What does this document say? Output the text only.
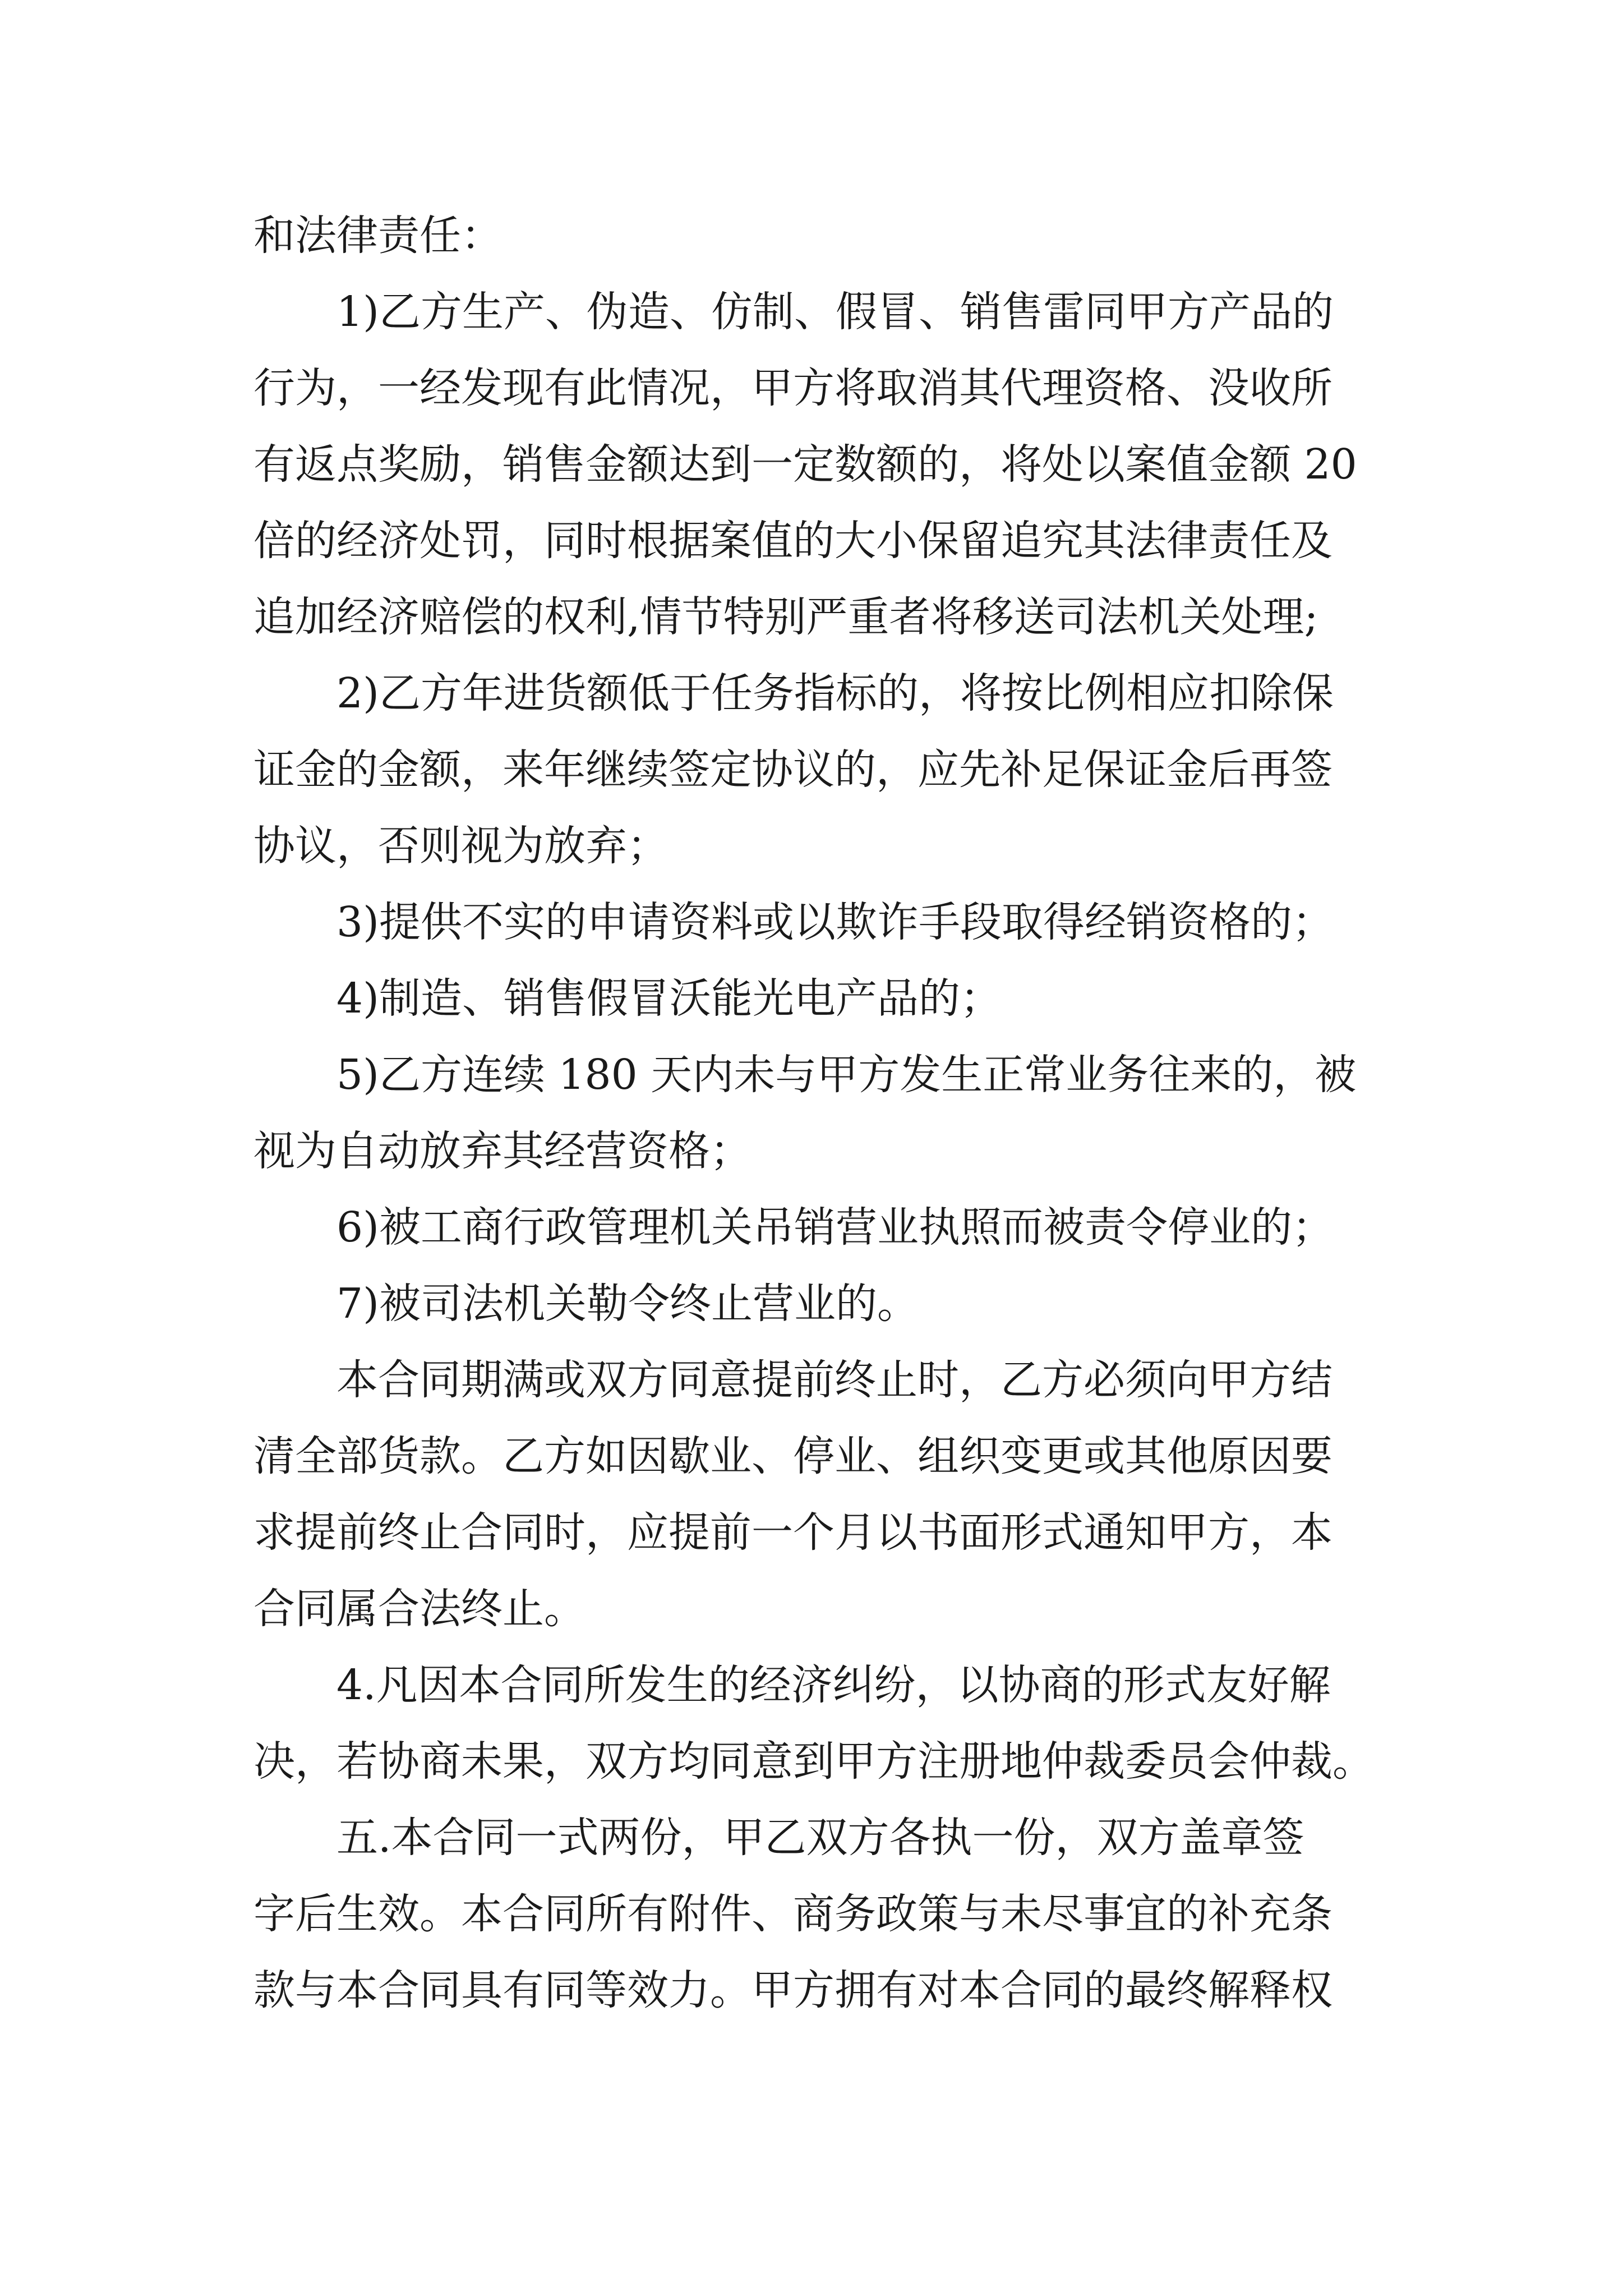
和法律责任：
1)乙方生产、伪造、仿制、假冒、销售雷同甲方产品的
行为，一经发现有此情况，甲方将取消其代理资格、没收所
有返点奖励，销售金额达到一定数额的，将处以案值金额 20
倍的经济处罚，同时根据案值的大小保留追究其法律责任及
追加经济赔偿的权利,情节特别严重者将移送司法机关处理;
2)乙方年进货额低于任务指标的，将按比例相应扣除保
证金的金额，来年继续签定协议的，应先补足保证金后再签
协议，否则视为放弃；
3)提供不实的申请资料或以欺诈手段取得经销资格的；
4)制造、销售假冒沃能光电产品的；
5)乙方连续 180 天内未与甲方发生正常业务往来的，被
视为自动放弃其经营资格；
6)被工商行政管理机关吊销营业执照而被责令停业的；
7)被司法机关勒令终止营业的。
本合同期满或双方同意提前终止时，乙方必须向甲方结
清全部货款。乙方如因歇业、停业、组织变更或其他原因要
求提前终止合同时，应提前一个月以书面形式通知甲方，本
合同属合法终止。
4.凡因本合同所发生的经济纠纷，以协商的形式友好解
决，若协商未果，双方均同意到甲方注册地仲裁委员会仲裁。
五.本合同一式两份，甲乙双方各执一份，双方盖章签
字后生效。本合同所有附件、商务政策与未尽事宜的补充条
款与本合同具有同等效力。甲方拥有对本合同的最终解释权
